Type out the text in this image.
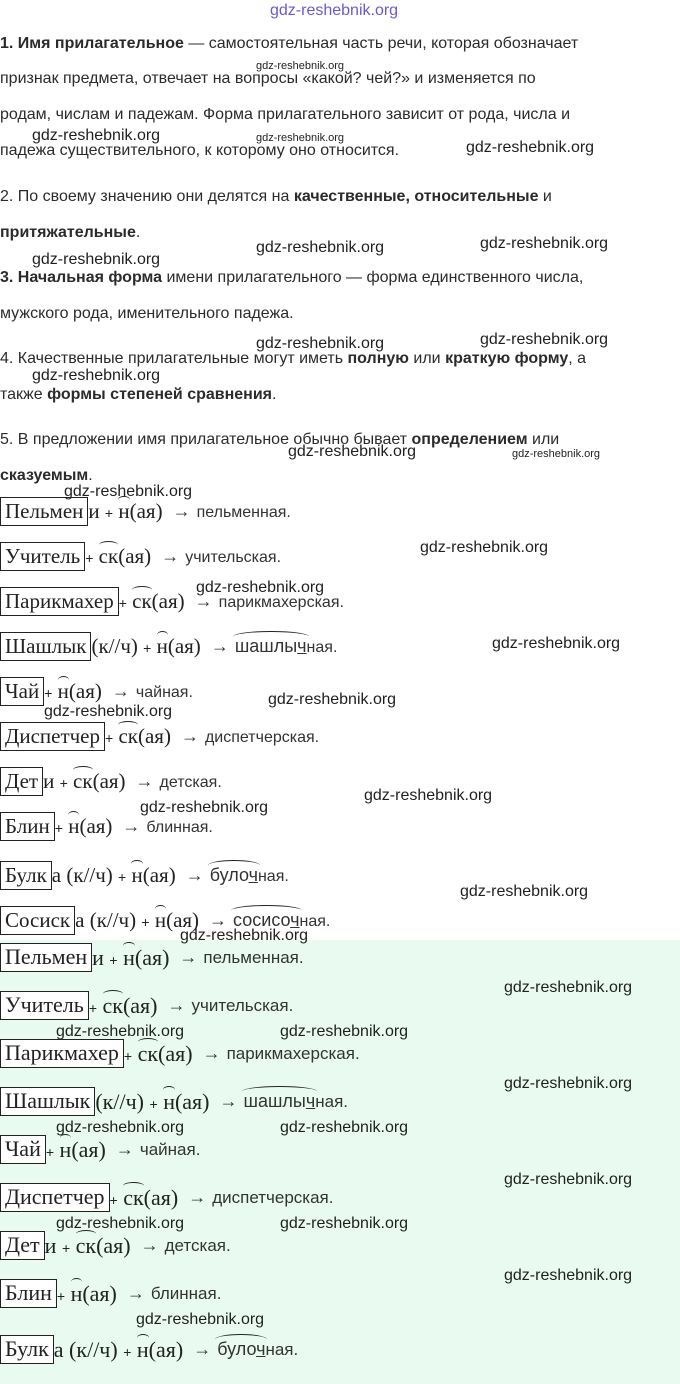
gdz-reshebnik.org
1. Имя прилагательное — самостоятельная часть речи, которая обозначает
признак предмета, отвечает на вопросы «какой? чей?» и изменяется по
родам, числам и падежам. Форма прилагательного зависит от рода, числа и
падежа существительного, к которому оно относится.
2. По своему значению они делятся на качественные, относительные и
притяжательные.
3. Начальная форма имени прилагательного — форма единственного числа,
мужского рода, именительного падежа.
4. Качественные прилагательные могут иметь полную или краткую форму, а
также формы степеней сравнения.
5. В предложении имя прилагательное обычно бывает определением или
сказуемым.
Пельмен и + н(ая) → пельменная.
Учитель + ск(ая) → учительская.
Парикмахер + ск(ая) → парикмахерская.
Шашлык (к//ч) + н(ая) → шашлычная.
Чай + н(ая) → чайная.
Диспетчер + ск(ая) → диспетчерская.
Дет и + ск(ая) → детская.
Блин + н(ая) → блинная.
Булк а (к//ч) + н(ая) → булочная.
Сосиск а (к//ч) + н(ая) → сосисочная.
Пельмен и + н(ая) → пельменная.
Учитель + ск(ая) → учительская.
Парикмахер + ск(ая) → парикмахерская.
Шашлык (к//ч) + н(ая) → шашлычная.
Чай + н(ая) → чайная.
Диспетчер + ск(ая) → диспетчерская.
Дет и + ск(ая) → детская.
Блин + н(ая) → блинная.
Булк а (к//ч) + н(ая) → булочная.
gdz-reshebnik.org
gdz-reshebnik.org	gdz-reshebnik.org
gdz-reshebnik.org
gdz-reshebnik.org	gdz-reshebnik.org
gdz-reshebnik.org
gdz-reshebnik.org	gdz-reshebnik.org
gdz-reshebnik.org
gdz-reshebnik.org	gdz-reshebnik.org
gdz-reshebnik.org
gdz-reshebnik.org
gdz-reshebnik.org
gdz-reshebnik.org
gdz-reshebnik.org
gdz-reshebnik.org
gdz-reshebnik.org
gdz-reshebnik.org
gdz-reshebnik.org
gdz-reshebnik.org
gdz-reshebnik.org
gdz-reshebnik.org	gdz-reshebnik.org
gdz-reshebnik.org
gdz-reshebnik.org	gdz-reshebnik.org
gdz-reshebnik.org
gdz-reshebnik.org	gdz-reshebnik.org
gdz-reshebnik.org
gdz-reshebnik.org
